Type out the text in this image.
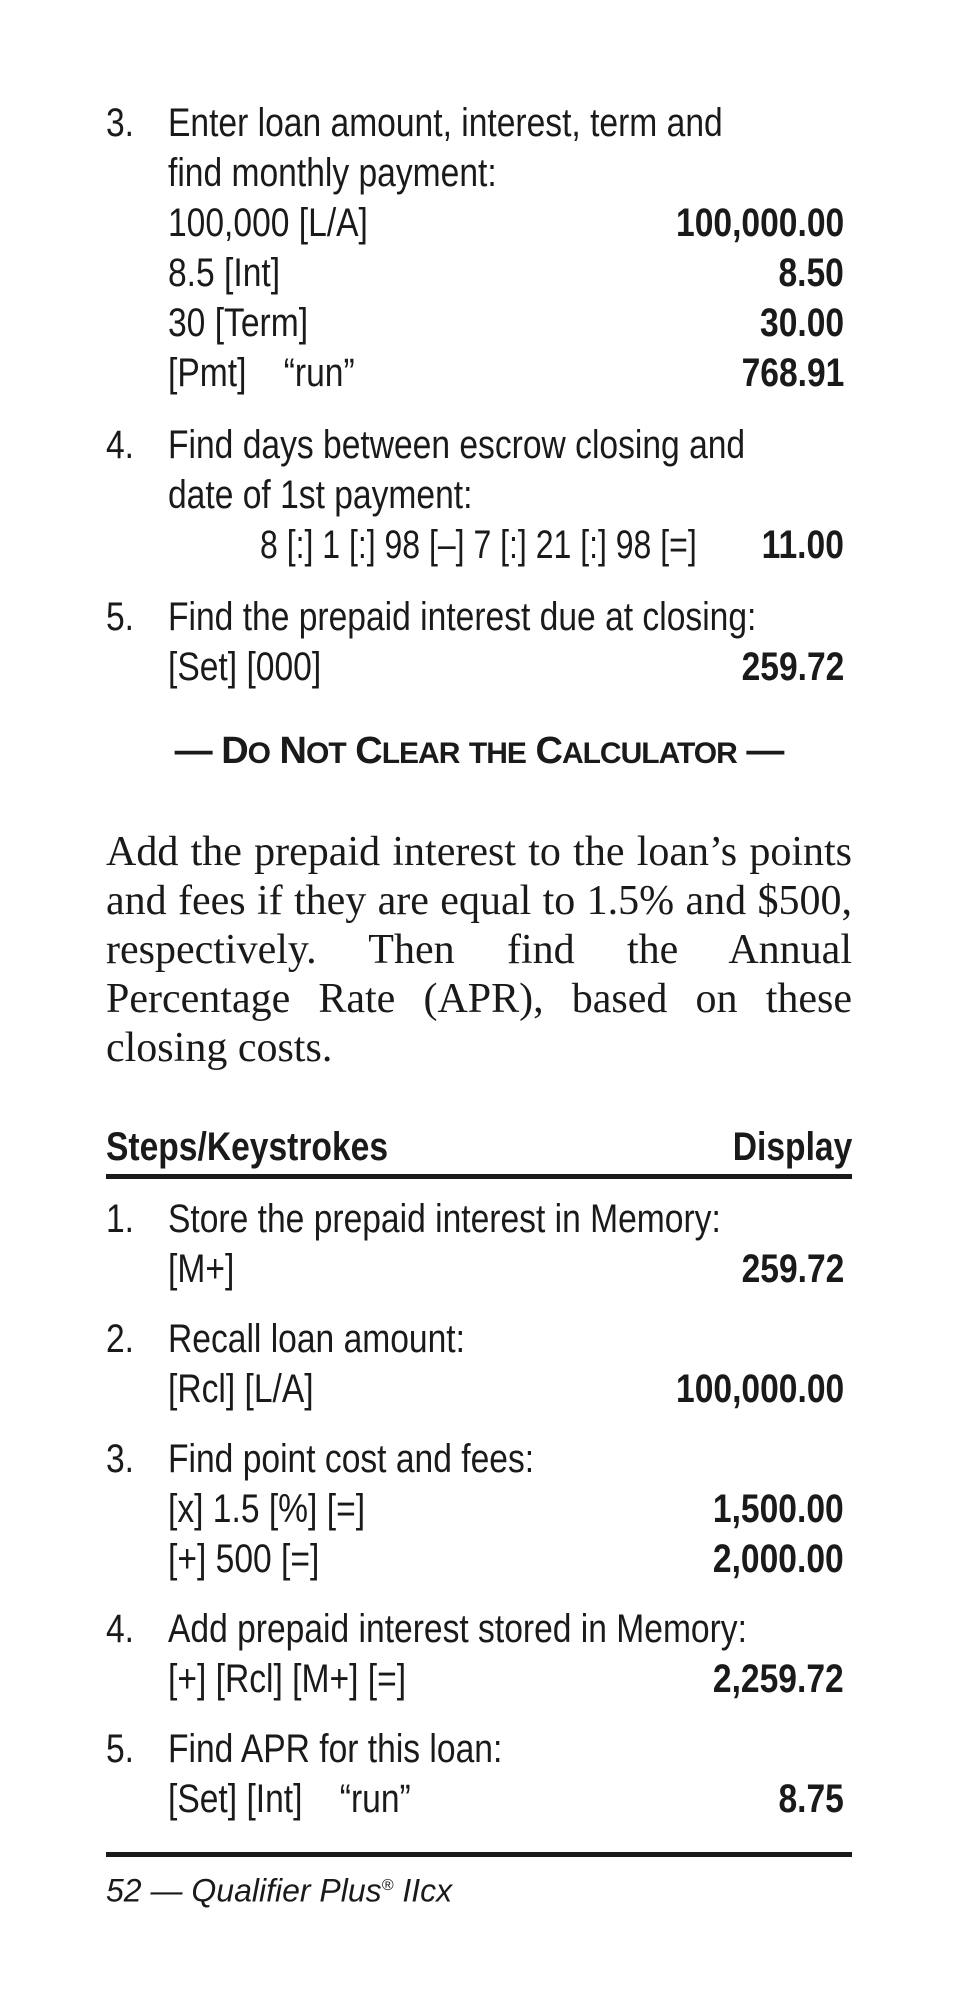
3. Enter loan amount, interest, term and
find monthly payment:
100,000 [L/A]	100,000.00
8.5 [Int]	8.50
30 [Term]	30.00
[Pmt]    “run”	768.91
4. Find days between escrow closing and
date of 1st payment:
8 [:] 1 [:] 98 [–] 7 [:] 21 [:] 98 [=] 11.00
5. Find the prepaid interest due at closing:
[Set] [000]	259.72
— DO NOT CLEAR THE CALCULATOR —
Add the prepaid interest to the loan’s points and fees if they are equal to 1.5% and $500, respectively. Then find the Annual Percentage Rate (APR), based on these closing costs.
Steps/Keystrokes	Display
1. Store the prepaid interest in Memory:
[M+]	259.72
2. Recall loan amount:
[Rcl] [L/A]	100,000.00
3. Find point cost and fees:
[x] 1.5 [%] [=]	1,500.00
[+] 500 [=]	2,000.00
4. Add prepaid interest stored in Memory:
[+] [Rcl] [M+] [=]	2,259.72
5. Find APR for this loan:
[Set] [Int]    “run”	8.75
52 — Qualifier Plus® IIcx
